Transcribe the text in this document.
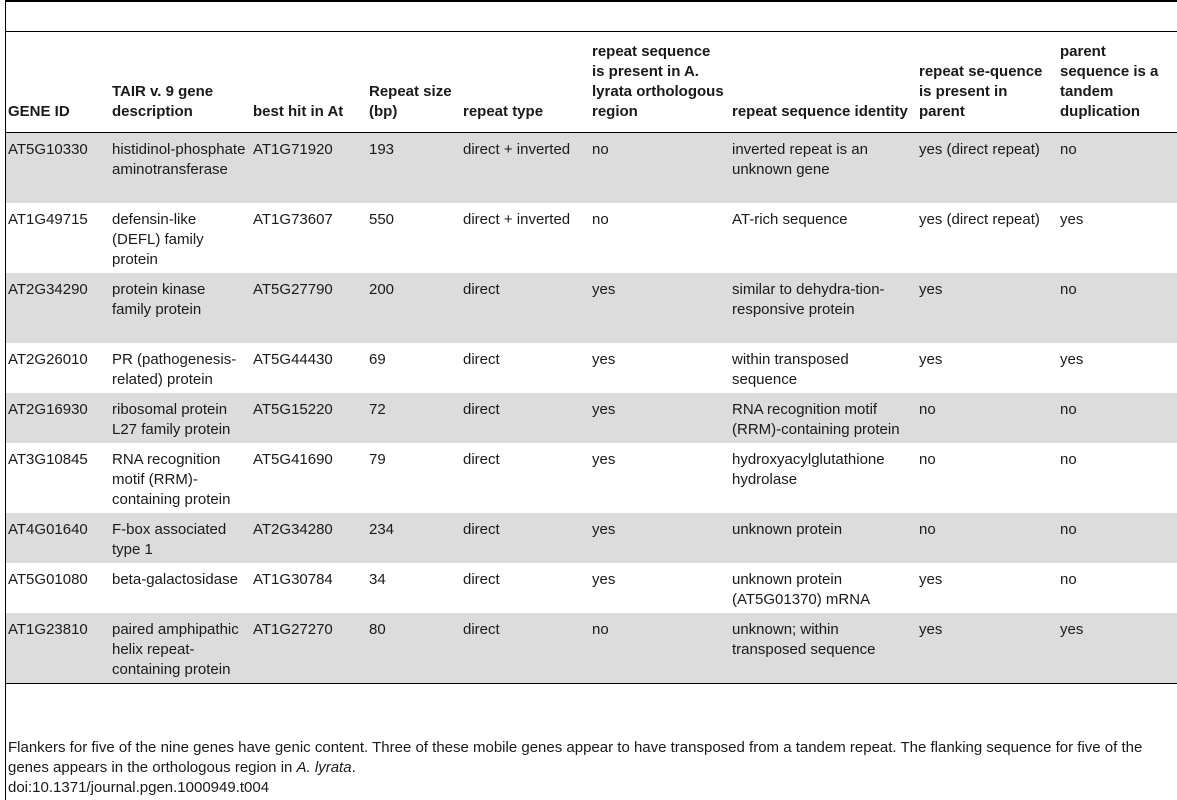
GENE ID	TAIR v. 9 gene description	best hit in At	Repeat size (bp)	repeat type	repeat sequence is present in A. lyrata orthologous region	repeat sequence identity	repeat se-quence is present in parent	parent sequence is a tandem duplication
AT5G10330	histidinol-phosphate aminotransferase	AT1G71920	193	direct + inverted	no	inverted repeat is an unknown gene	yes (direct repeat)	no
AT1G49715	defensin-like (DEFL) family protein	AT1G73607	550	direct + inverted	no	AT-rich sequence	yes (direct repeat)	yes
AT2G34290	protein kinase family protein	AT5G27790	200	direct	yes	similar to dehydra-tion-responsive protein	yes	no
AT2G26010	PR (pathogenesis-related) protein	AT5G44430	69	direct	yes	within transposed sequence	yes	yes
AT2G16930	ribosomal protein L27 family protein	AT5G15220	72	direct	yes	RNA recognition motif (RRM)-containing protein	no	no
AT3G10845	RNA recognition motif (RRM)-containing protein	AT5G41690	79	direct	yes	hydroxyacylglutathione hydrolase	no	no
AT4G01640	F-box associated type 1	AT2G34280	234	direct	yes	unknown protein	no	no
AT5G01080	beta-galactosidase	AT1G30784	34	direct	yes	unknown protein (AT5G01370) mRNA	yes	no
AT1G23810	paired amphipathic helix repeat-containing protein	AT1G27270	80	direct	no	unknown; within transposed sequence	yes	yes
Flankers for five of the nine genes have genic content. Three of these mobile genes appear to have transposed from a tandem repeat. The flanking sequence for five of the genes appears in the orthologous region in A. lyrata.
doi:10.1371/journal.pgen.1000949.t004
